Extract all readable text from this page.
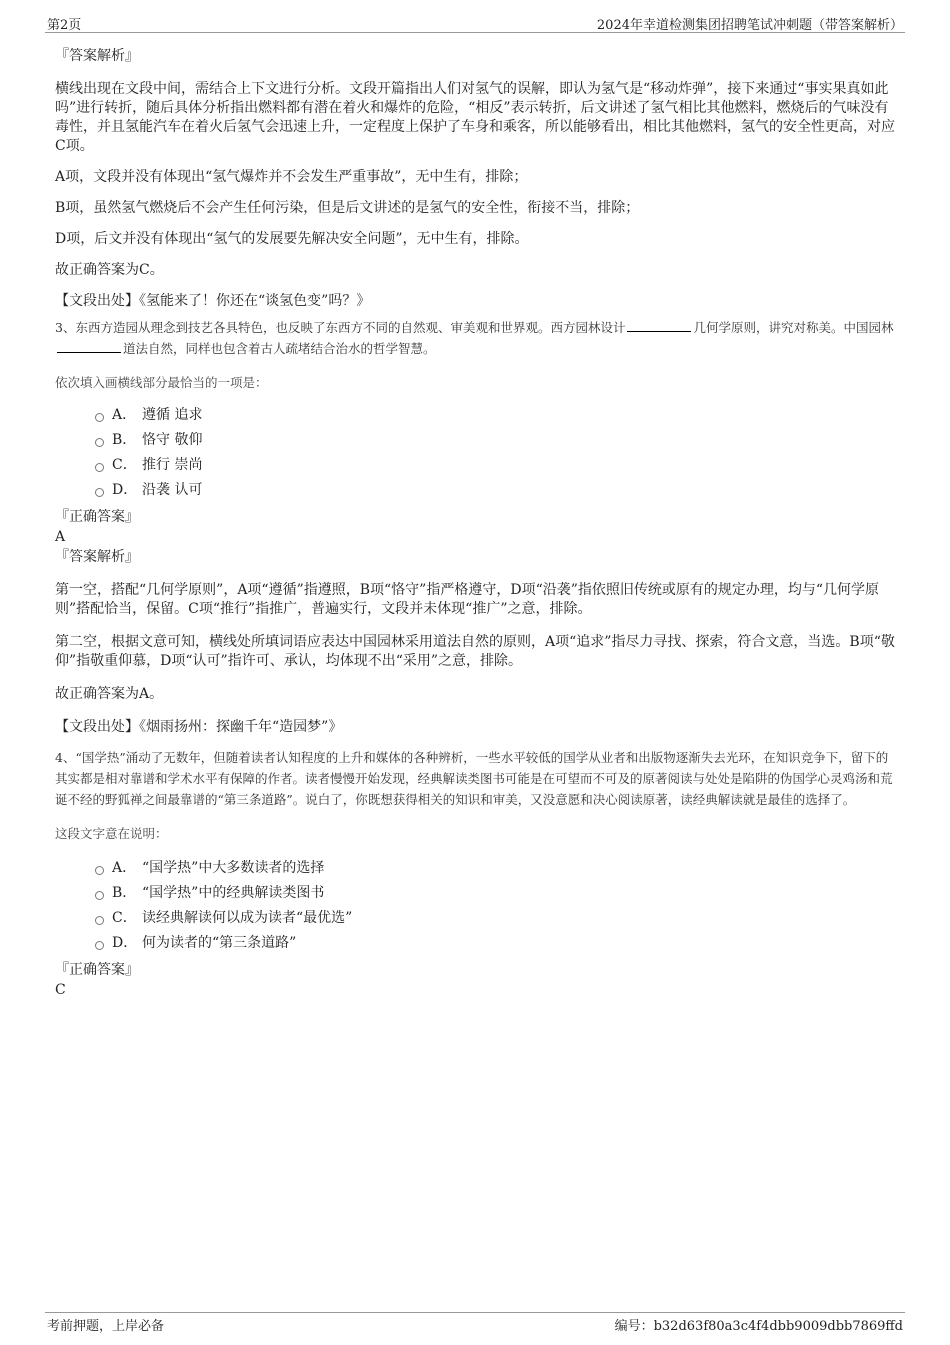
第2页	2024年幸道检测集团招聘笔试冲刺题（带答案解析）
『答案解析』

横线出现在文段中间，需结合上下文进行分析。文段开篇指出人们对氢气的误解，即认为氢气是“移动炸弹”，接下来通过“事实果真如此吗”进行转折，随后具体分析指出燃料都有潜在着火和爆炸的危险，“相反”表示转折，后文讲述了氢气相比其他燃料，燃烧后的气味没有毒性，并且氢能汽车在着火后氢气会迅速上升，一定程度上保护了车身和乘客，所以能够看出，相比其他燃料，氢气的安全性更高，对应C项。

A项，文段并没有体现出“氢气爆炸并不会发生严重事故”，无中生有，排除；

B项，虽然氢气燃烧后不会产生任何污染，但是后文讲述的是氢气的安全性，衔接不当，排除；

D项，后文并没有体现出“氢气的发展要先解决安全问题”，无中生有，排除。

故正确答案为C。

【文段出处】《氢能来了！你还在“谈氢色变”吗？》

3、东西方造园从理念到技艺各具特色，也反映了东西方不同的自然观、审美观和世界观。西方园林设计	几何学原则，讲究对称美。中国园林道法自然，同样也包含着古人疏堵结合治水的哲学智慧。

依次填入画横线部分最恰当的一项是：

A． 遵循 追求
B． 恪守 敬仰
C． 推行 崇尚
D． 沿袭 认可
『正确答案』
A
『答案解析』

第一空，搭配“几何学原则”，A项“遵循”指遵照，B项“恪守”指严格遵守，D项“沿袭”指依照旧传统或原有的规定办理，均与“几何学原则”搭配恰当，保留。C项“推行”指推广，普遍实行，文段并未体现“推广”之意，排除。

第二空，根据文意可知，横线处所填词语应表达中国园林采用道法自然的原则，A项“追求”指尽力寻找、探索，符合文意，当选。B项“敬仰”指敬重仰慕，D项“认可”指许可、承认，均体现不出“采用”之意，排除。

故正确答案为A。

【文段出处】《烟雨扬州：探幽千年“造园梦”》

4、“国学热”涌动了无数年，但随着读者认知程度的上升和媒体的各种辨析，一些水平较低的国学从业者和出版物逐渐失去光环，在知识竞争下，留下的其实都是相对靠谱和学术水平有保障的作者。读者慢慢开始发现，经典解读类图书可能是在可望而不可及的原著阅读与处处是陷阱的伪国学心灵鸡汤和荒诞不经的野狐禅之间最靠谱的“第三条道路”。说白了，你既想获得相关的知识和审美，又没意愿和决心阅读原著，读经典解读就是最佳的选择了。

这段文字意在说明：

A． “国学热”中大多数读者的选择
B． “国学热”中的经典解读类图书
C． 读经典解读何以成为读者“最优选”
D． 何为读者的“第三条道路”
『正确答案』
C
考前押题，上岸必备	编号：b32d63f80a3c4f4dbb9009dbb7869ffd
